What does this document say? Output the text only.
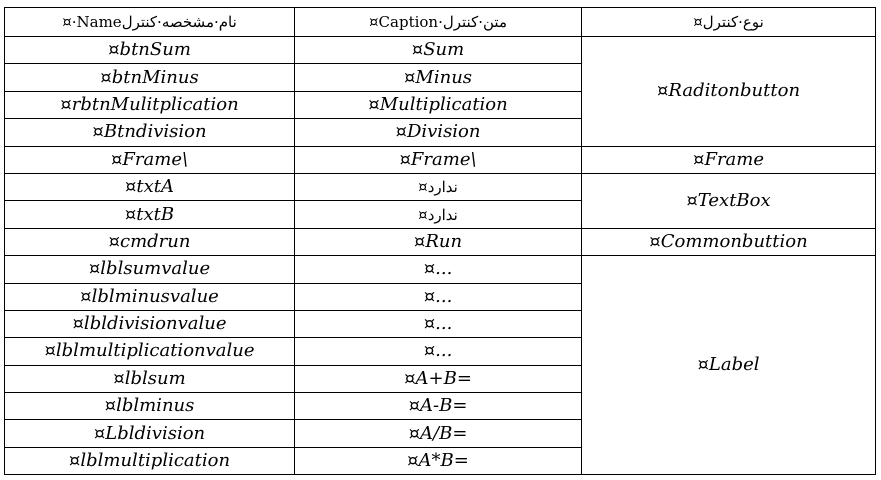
¤·Nameنام·مشخصه·کنترل	¤Caption·متن·کنترل	نوع·کنترل¤
¤btnSum	¤Sum	¤Raditonbutton
¤btnMinus	¤Minus	
¤rbtnMulitplication	¤Multiplication	
¤Btndivision	¤Division	
¤Frame\	¤Frame\	¤Frame
¤txtA	ندارد¤	¤TextBox
¤txtB	ندارد¤	
¤cmdrun	¤Run	¤Commonbuttion
¤lblsumvalue	¤...	¤Label
¤lblminusvalue	¤...	
¤lbldivisionvalue	¤...	
¤lblmultiplicationvalue	¤...	
¤lblsum	¤A+B=	
¤lblminus	¤A-B=	
¤Lbldivision	¤A/B=	
¤lblmultiplication	¤A*B=	
